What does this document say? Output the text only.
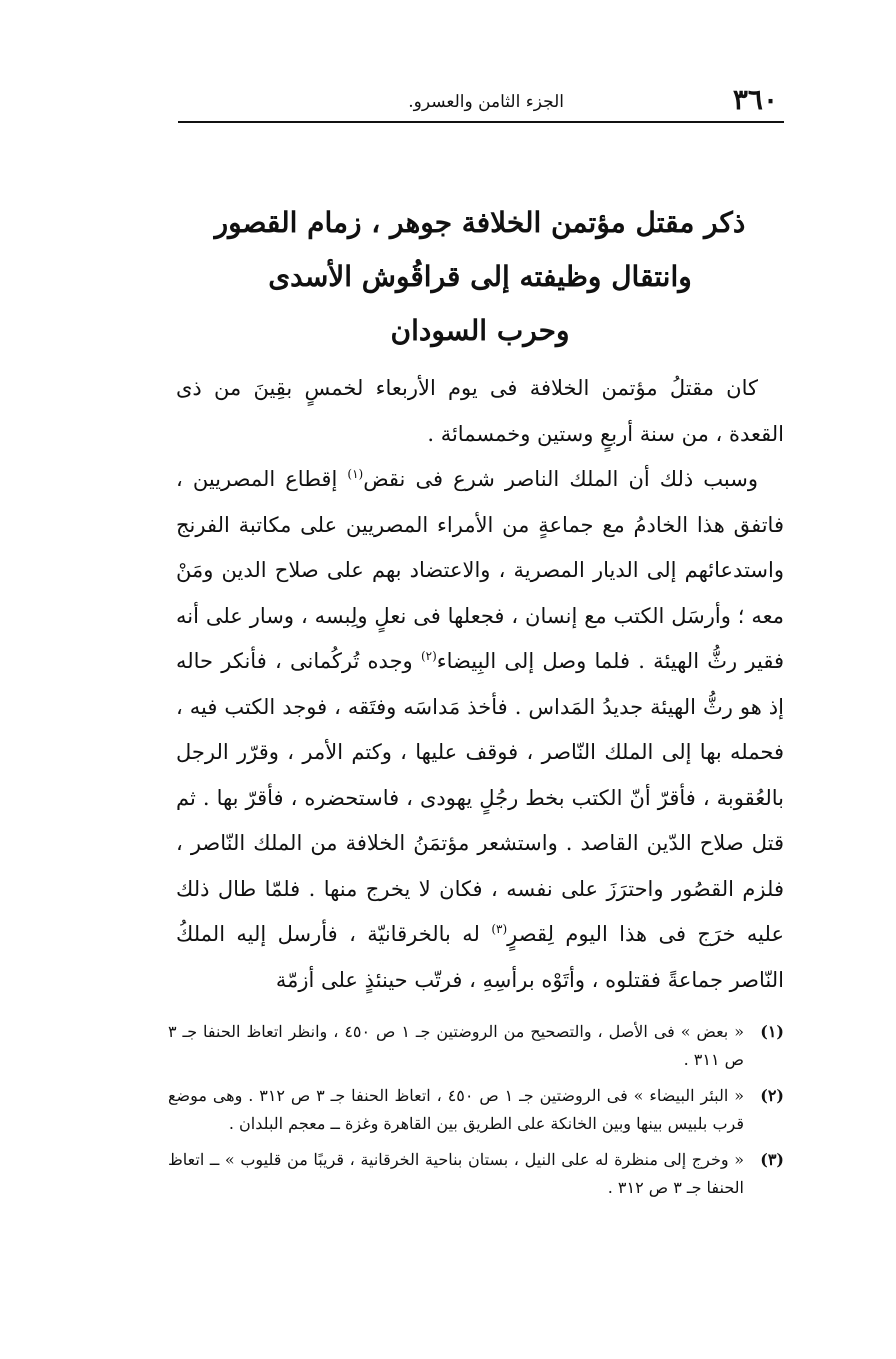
٣٦٠
الجزء الثامن والعسرو.
ذكر مقتل مؤتمن الخلافة جوهر ، زمام القصور
وانتقال وظيفته إلى قراقُوش الأسدى
وحرب السودان

كان مقتلُ مؤتمن الخلافة فى يوم الأربعاء لخمسٍ بقِينَ من ذى القعدة ، من سنة أربعٍ وستين وخمسمائة .

وسبب ذلك أن الملك الناصر شرع فى نقض$^{(١)}$ إقطاع المصريين ، فاتفق هذا الخادمُ مع جماعةٍ من الأمراء المصريين على مكاتبة الفرنج واستدعائهم إلى الديار المصرية ، والاعتضاد بهم على صلاح الدين ومَنْ معه ؛ وأرسَل الكتب مع إنسان ، فجعلها فى نعلٍ ولِبسه ، وسار على أنه فقير رثُّ الهيئة . فلما وصل إلى البِيضاء$^{(٢)}$ وجده تُركُمانى ، فأنكر حاله إذ هو رثُّ الهيئة جديدُ المَداس . فأخذ مَداسَه وفتَقه ، فوجد الكتب فيه ، فحمله بها إلى الملك النّاصر ، فوقف عليها ، وكتم الأمر ، وقرّر الرجل بالعُقوبة ، فأقرّ أنّ الكتب بخط رجُلٍ يهودى ، فاستحضره ، فأقرّ بها . ثم قتل صلاح الدّين القاصد . واستشعر مؤتمَنُ الخلافة من الملك النّاصر ، فلزم القصُور واحترَزَ على نفسه ، فكان لا يخرج منها . فلمّا طال ذلك عليه خرَج فى هذا اليوم لِقصرٍ$^{(٣)}$ له بالخرقانيّة ، فأرسل إليه الملكُ النّاصر جماعةً فقتلوه ، وأتَوْه برأسِهِ ، فرتّب حينئذٍ على أزمّة

(١)
« بعض » فى الأصل ، والتصحيح من الروضتين جـ ١ ص ٤٥٠ ، وانظر اتعاظ الحنفا جـ ٣ ص ٣١١ .
(٢)
« البئر البيضاء » فى الروضتين جـ ١ ص ٤٥٠ ، اتعاظ الحنفا جـ ٣ ص ٣١٢ . وهى موضع قرب بلبيس بينها وبين الخانكة على الطريق بين القاهرة وغزة ــ معجم البلدان .
(٣)
« وخرج إلى منظرة له على النيل ، بستان بناحية الخرقانية ، قريبًا من قليوب » ــ اتعاظ الحنفا جـ ٣ ص ٣١٢ .
